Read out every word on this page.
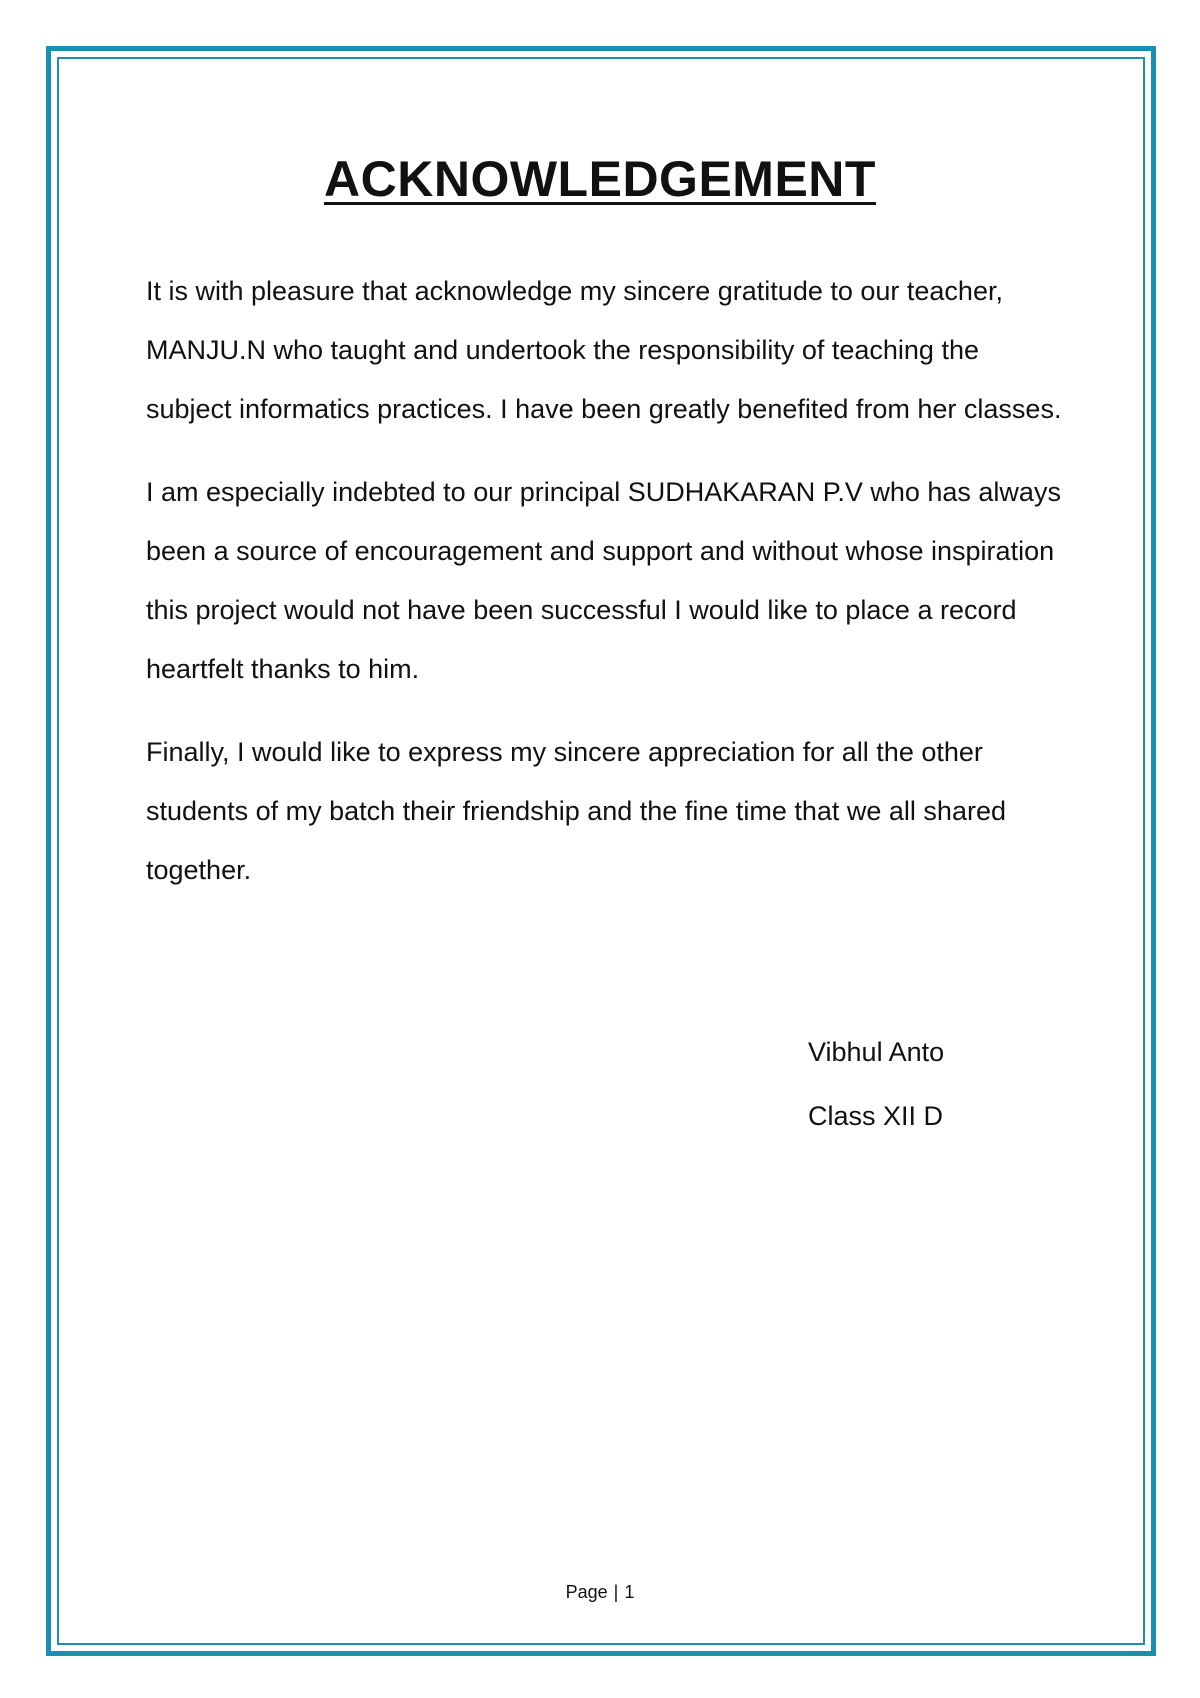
ACKNOWLEDGEMENT

It is with pleasure that acknowledge my sincere gratitude to our teacher, MANJU.N who taught and undertook the responsibility of teaching the subject informatics practices. I have been greatly benefited from her classes.

I am especially indebted to our principal SUDHAKARAN P.V who has always been a source of encouragement and support and without whose inspiration this project would not have been successful I would like to place a record heartfelt thanks to him.

Finally, I would like to express my sincere appreciation for all the other students of my batch their friendship and the fine time that we all shared together.

Vibhul Anto
Class XII D
Page | 1
